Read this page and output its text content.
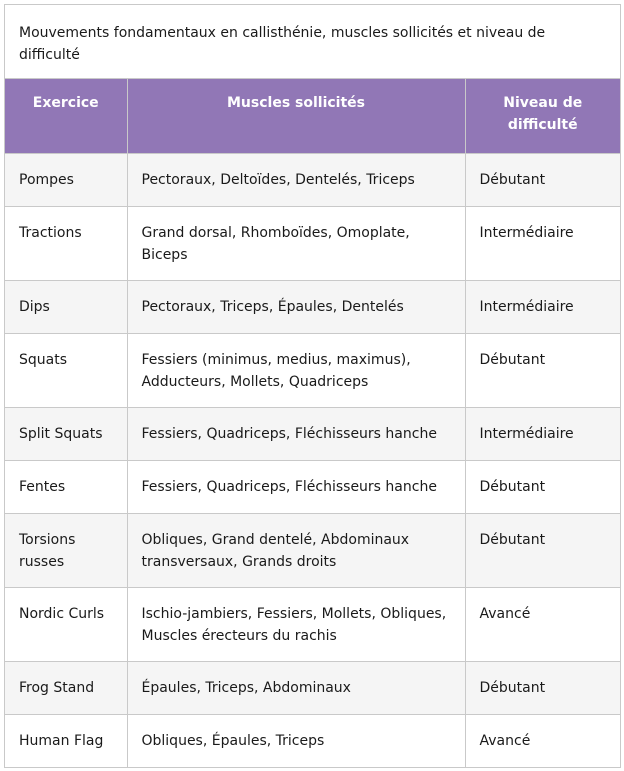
Mouvements fondamentaux en callisthénie, muscles sollicités et niveau de difficulté
Exercice	Muscles sollicités	Niveau de difficulté
Pompes	Pectoraux, Deltoïdes, Dentelés, Triceps	Débutant
Tractions	Grand dorsal, Rhomboïdes, Omoplate, Biceps	Intermédiaire
Dips	Pectoraux, Triceps, Épaules, Dentelés	Intermédiaire
Squats	Fessiers (minimus, medius, maximus), Adducteurs, Mollets, Quadriceps	Débutant
Split Squats	Fessiers, Quadriceps, Fléchisseurs hanche	Intermédiaire
Fentes	Fessiers, Quadriceps, Fléchisseurs hanche	Débutant
Torsions russes	Obliques, Grand dentelé, Abdominaux transversaux, Grands droits	Débutant
Nordic Curls	Ischio-jambiers, Fessiers, Mollets, Obliques, Muscles érecteurs du rachis	Avancé
Frog Stand	Épaules, Triceps, Abdominaux	Débutant
Human Flag	Obliques, Épaules, Triceps	Avancé
